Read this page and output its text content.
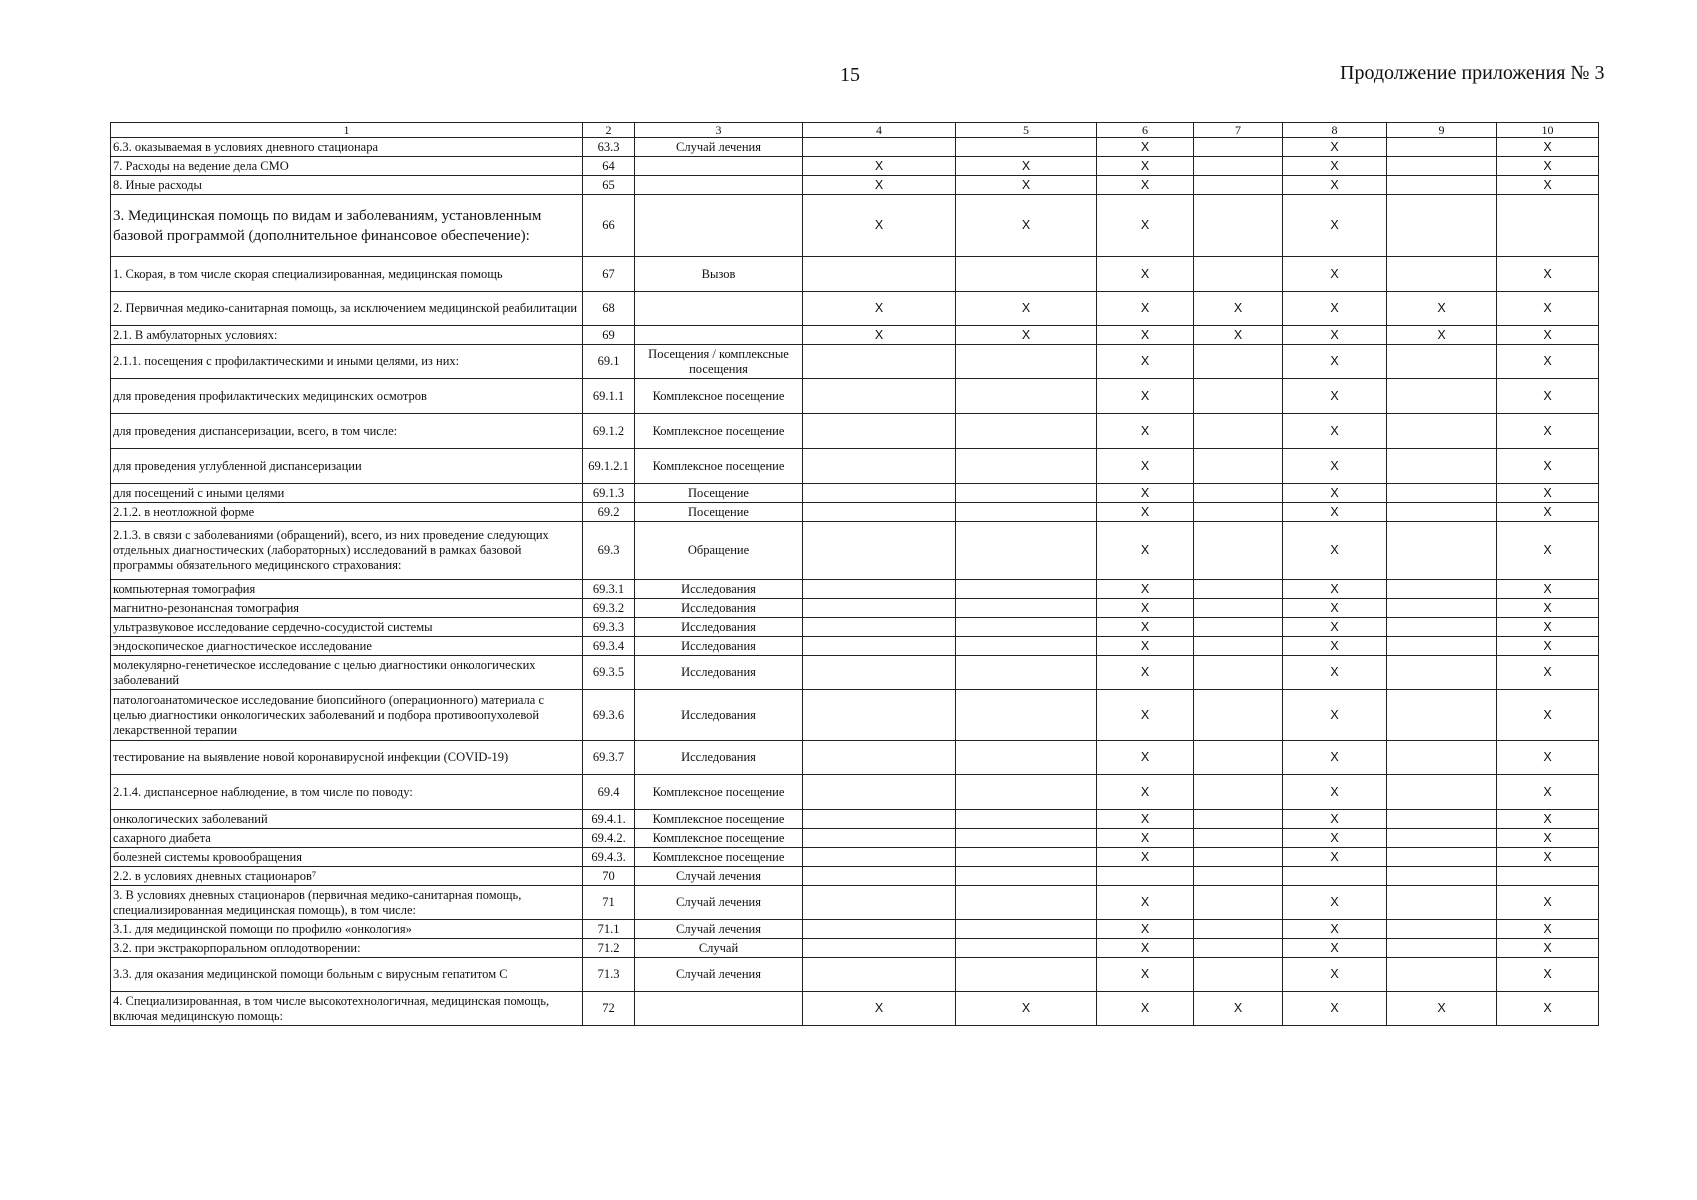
15	Продолжение приложения № 3
1	2	3	4	5	6	7	8	9	10
6.3. оказываемая в условиях дневного стационара	63.3	Случай лечения			X		X		X
7. Расходы на ведение дела СМО	64		X	X	X		X		X
8. Иные расходы	65		X	X	X		X		X
3. Медицинская помощь по видам и заболеваниям, установленным базовой программой (дополнительное финансовое обеспечение):	66		X	X	X		X		
1. Скорая, в том числе скорая специализированная, медицинская помощь	67	Вызов			X		X		X
2. Первичная медико-санитарная помощь, за исключением медицинской реабилитации	68		X	X	X	X	X	X	X
2.1. В амбулаторных условиях:	69		X	X	X	X	X	X	X
2.1.1. посещения с профилактическими и иными целями, из них:	69.1	Посещения / комплексные посещения			X		X		X
для проведения профилактических медицинских осмотров	69.1.1	Комплексное посещение			X		X		X
для проведения диспансеризации, всего, в том числе:	69.1.2	Комплексное посещение			X		X		X
для проведения углубленной диспансеризации	69.1.2.1	Комплексное посещение			X		X		X
для посещений с иными целями	69.1.3	Посещение			X		X		X
2.1.2. в неотложной форме	69.2	Посещение			X		X		X
2.1.3. в связи с заболеваниями (обращений), всего, из них проведение следующих отдельных диагностических (лабораторных) исследований в рамках базовой программы обязательного медицинского страхования:	69.3	Обращение			X		X		X
компьютерная томография	69.3.1	Исследования			X		X		X
магнитно-резонансная томография	69.3.2	Исследования			X		X		X
ультразвуковое исследование сердечно-сосудистой системы	69.3.3	Исследования			X		X		X
эндоскопическое диагностическое исследование	69.3.4	Исследования			X		X		X
молекулярно-генетическое исследование с целью диагностики онкологических заболеваний	69.3.5	Исследования			X		X		X
патологоанатомическое исследование биопсийного (операционного) материала с целью диагностики онкологических заболеваний и подбора противоопухолевой лекарственной терапии	69.3.6	Исследования			X		X		X
тестирование на выявление новой коронавирусной инфекции (COVID-19)	69.3.7	Исследования			X		X		X
2.1.4. диспансерное наблюдение, в том числе по поводу:	69.4	Комплексное посещение			X		X		X
онкологических заболеваний	69.4.1.	Комплексное посещение			X		X		X
сахарного диабета	69.4.2.	Комплексное посещение			X		X		X
болезней системы кровообращения	69.4.3.	Комплексное посещение			X		X		X
2.2. в условиях дневных стационаров⁷	70	Случай лечения							
3. В условиях дневных стационаров (первичная медико-санитарная помощь, специализированная медицинская помощь), в том числе:	71	Случай лечения			X		X		X
3.1. для медицинской помощи по профилю «онкология»	71.1	Случай лечения			X		X		X
3.2. при экстракорпоральном оплодотворении:	71.2	Случай			X		X		X
3.3. для оказания медицинской помощи больным с вирусным гепатитом С	71.3	Случай лечения			X		X		X
4. Специализированная, в том числе высокотехнологичная, медицинская помощь, включая медицинскую помощь:	72		X	X	X	X	X	X	X
